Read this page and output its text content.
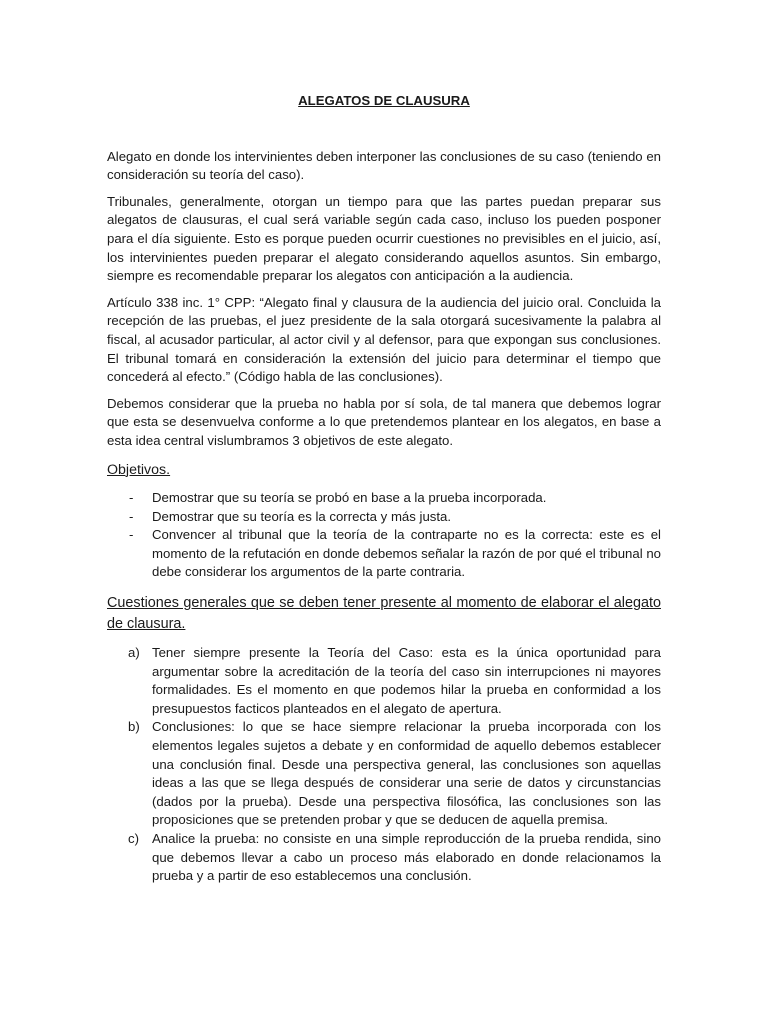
ALEGATOS DE CLAUSURA

Alegato en donde los intervinientes deben interponer las conclusiones de su caso (teniendo en consideración su teoría del caso).

Tribunales, generalmente, otorgan un tiempo para que las partes puedan preparar sus alegatos de clausuras, el cual será variable según cada caso, incluso los pueden posponer para el día siguiente. Esto es porque pueden ocurrir cuestiones no previsibles en el juicio, así, los intervinientes pueden preparar el alegato considerando aquellos asuntos. Sin embargo, siempre es recomendable preparar los alegatos con anticipación a la audiencia.

Artículo 338 inc. 1° CPP: “Alegato final y clausura de la audiencia del juicio oral. Concluida la recepción de las pruebas, el juez presidente de la sala otorgará sucesivamente la palabra al fiscal, al acusador particular, al actor civil y al defensor, para que expongan sus conclusiones. El tribunal tomará en consideración la extensión del juicio para determinar el tiempo que concederá al efecto.” (Código habla de las conclusiones).

Debemos considerar que la prueba no habla por sí sola, de tal manera que debemos lograr que esta se desenvuelva conforme a lo que pretendemos plantear en los alegatos, en base a esta idea central vislumbramos 3 objetivos de este alegato.

Objetivos.
- Demostrar que su teoría se probó en base a la prueba incorporada.
- Demostrar que su teoría es la correcta y más justa.
- Convencer al tribunal que la teoría de la contraparte no es la correcta: este es el momento de la refutación en donde debemos señalar la razón de por qué el tribunal no debe considerar los argumentos de la parte contraria.
Cuestiones generales que se deben tener presente al momento de elaborar el alegato de clausura.
a) Tener siempre presente la Teoría del Caso: esta es la única oportunidad para argumentar sobre la acreditación de la teoría del caso sin interrupciones ni mayores formalidades. Es el momento en que podemos hilar la prueba en conformidad a los presupuestos facticos planteados en el alegato de apertura.
b) Conclusiones: lo que se hace siempre relacionar la prueba incorporada con los elementos legales sujetos a debate y en conformidad de aquello debemos establecer una conclusión final. Desde una perspectiva general, las conclusiones son aquellas ideas a las que se llega después de considerar una serie de datos y circunstancias (dados por la prueba). Desde una perspectiva filosófica, las conclusiones son las proposiciones que se pretenden probar y que se deducen de aquella premisa.
c) Analice la prueba: no consiste en una simple reproducción de la prueba rendida, sino que debemos llevar a cabo un proceso más elaborado en donde relacionamos la prueba y a partir de eso establecemos una conclusión.
